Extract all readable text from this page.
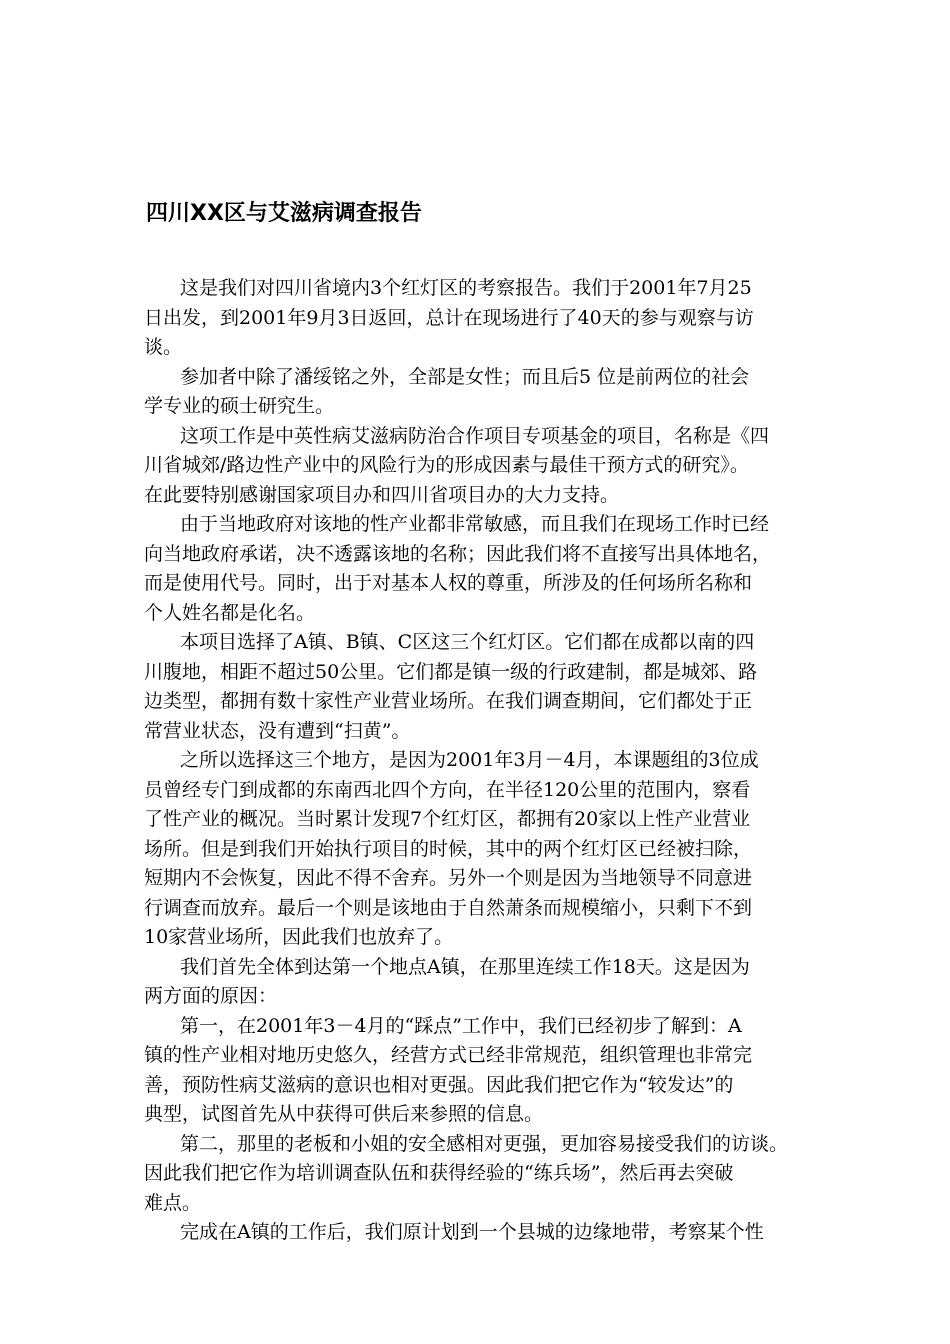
四川XX区与艾滋病调查报告
这是我们对四川省境内3个红灯区的考察报告。我们于2001年7月25
日出发，到2001年9月3日返回，总计在现场进行了40天的参与观察与访
谈。
参加者中除了潘绥铭之外，全部是女性；而且后5 位是前两位的社会
学专业的硕士研究生。
这项工作是中英性病艾滋病防治合作项目专项基金的项目，名称是《四
川省城郊/路边性产业中的风险行为的形成因素与最佳干预方式的研究》。
在此要特别感谢国家项目办和四川省项目办的大力支持。
由于当地政府对该地的性产业都非常敏感，而且我们在现场工作时已经
向当地政府承诺，决不透露该地的名称；因此我们将不直接写出具体地名，
而是使用代号。同时，出于对基本人权的尊重，所涉及的任何场所名称和
个人姓名都是化名。
本项目选择了A镇、B镇、C区这三个红灯区。它们都在成都以南的四
川腹地，相距不超过50公里。它们都是镇一级的行政建制，都是城郊、路
边类型，都拥有数十家性产业营业场所。在我们调查期间，它们都处于正
常营业状态，没有遭到“扫黄”。
之所以选择这三个地方，是因为2001年3月－4月，本课题组的3位成
员曾经专门到成都的东南西北四个方向，在半径120公里的范围内，察看
了性产业的概况。当时累计发现7个红灯区，都拥有20家以上性产业营业
场所。但是到我们开始执行项目的时候，其中的两个红灯区已经被扫除，
短期内不会恢复，因此不得不舍弃。另外一个则是因为当地领导不同意进
行调查而放弃。最后一个则是该地由于自然萧条而规模缩小，只剩下不到
10家营业场所，因此我们也放弃了。
我们首先全体到达第一个地点A镇，在那里连续工作18天。这是因为
两方面的原因：
第一，在2001年3－4月的“踩点”工作中，我们已经初步了解到：A
镇的性产业相对地历史悠久，经营方式已经非常规范，组织管理也非常完
善，预防性病艾滋病的意识也相对更强。因此我们把它作为“较发达”的
典型，试图首先从中获得可供后来参照的信息。
第二，那里的老板和小姐的安全感相对更强，更加容易接受我们的访谈。
因此我们把它作为培训调查队伍和获得经验的“练兵场”，然后再去突破
难点。
完成在A镇的工作后，我们原计划到一个县城的边缘地带，考察某个性
